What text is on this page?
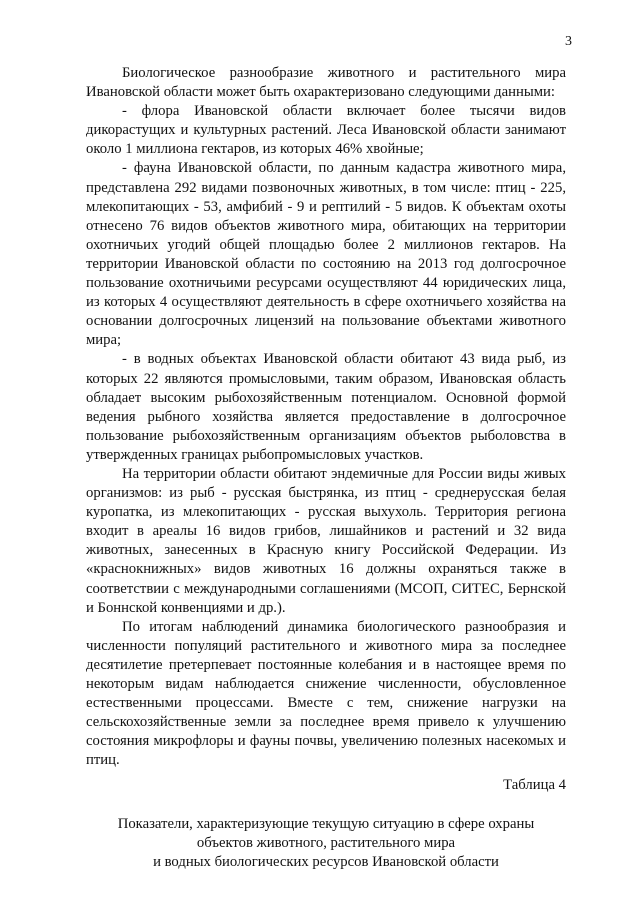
3

Биологическое разнообразие животного и растительного мира Ивановской области может быть охарактеризовано следующими данными:

- флора Ивановской области включает более тысячи видов дикорастущих и культурных растений. Леса Ивановской области занимают около 1 миллиона гектаров, из которых 46% хвойные;

- фауна Ивановской области, по данным кадастра животного мира, представлена 292 видами позвоночных животных, в том числе: птиц - 225, млекопитающих - 53, амфибий - 9 и рептилий - 5 видов. К объектам охоты отнесено 76 видов объектов животного мира, обитающих на территории охотничьих угодий общей площадью более 2 миллионов гектаров. На территории Ивановской области по состоянию на 2013 год долгосрочное пользование охотничьими ресурсами осуществляют 44 юридических лица, из которых 4 осуществляют деятельность в сфере охотничьего хозяйства на основании долгосрочных лицензий на пользование объектами животного мира;

- в водных объектах Ивановской области обитают 43 вида рыб, из которых 22 являются промысловыми, таким образом, Ивановская область обладает высоким рыбохозяйственным потенциалом. Основной формой ведения рыбного хозяйства является предоставление в долгосрочное пользование рыбохозяйственным организациям объектов рыболовства в утвержденных границах рыбопромысловых участков.

На территории области обитают эндемичные для России виды живых организмов: из рыб - русская быстрянка, из птиц - среднерусская белая куропатка, из млекопитающих - русская выхухоль. Территория региона входит в ареалы 16 видов грибов, лишайников и растений и 32 вида животных, занесенных в Красную книгу Российской Федерации. Из «краснокнижных» видов животных 16 должны охраняться также в соответствии с международными соглашениями (МСОП, СИТЕС, Бернской и Боннской конвенциями и др.).

По итогам наблюдений динамика биологического разнообразия и численности популяций растительного и животного мира за последнее десятилетие претерпевает постоянные колебания и в настоящее время по некоторым видам наблюдается снижение численности, обусловленное естественными процессами. Вместе с тем, снижение нагрузки на сельскохозяйственные земли за последнее время привело к улучшению состояния микрофлоры и фауны почвы, увеличению полезных насекомых и птиц.

Таблица 4
Показатели, характеризующие текущую ситуацию в сфере охраны
объектов животного, растительного мира
и водных биологических ресурсов Ивановской области
